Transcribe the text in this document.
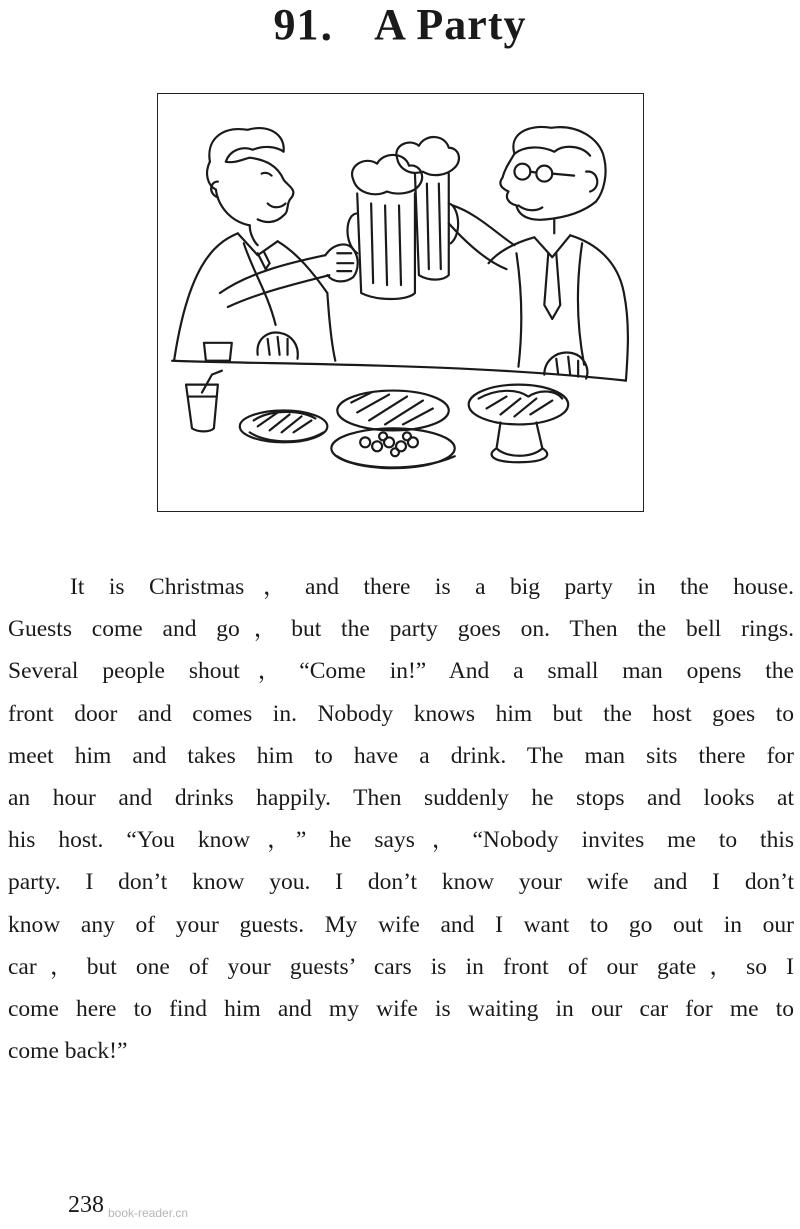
91． A Party
It is Christmas，and there is a big party in the house.
Guests come and go，but the party goes on. Then the bell rings.
Several people shout，“Come in!” And a small man opens the
front door and comes in. Nobody knows him but the host goes to
meet him and takes him to have a drink. The man sits there for
an hour and drinks happily. Then suddenly he stops and looks at
his host. “You know，” he says，“Nobody invites me to this
party. I don’t know you. I don’t know your wife and I don’t
know any of your guests. My wife and I want to go out in our
car，but one of your guests’ cars is in front of our gate，so I
come here to find him and my wife is waiting in our car for me to
come back!”
238 book-reader.cn
